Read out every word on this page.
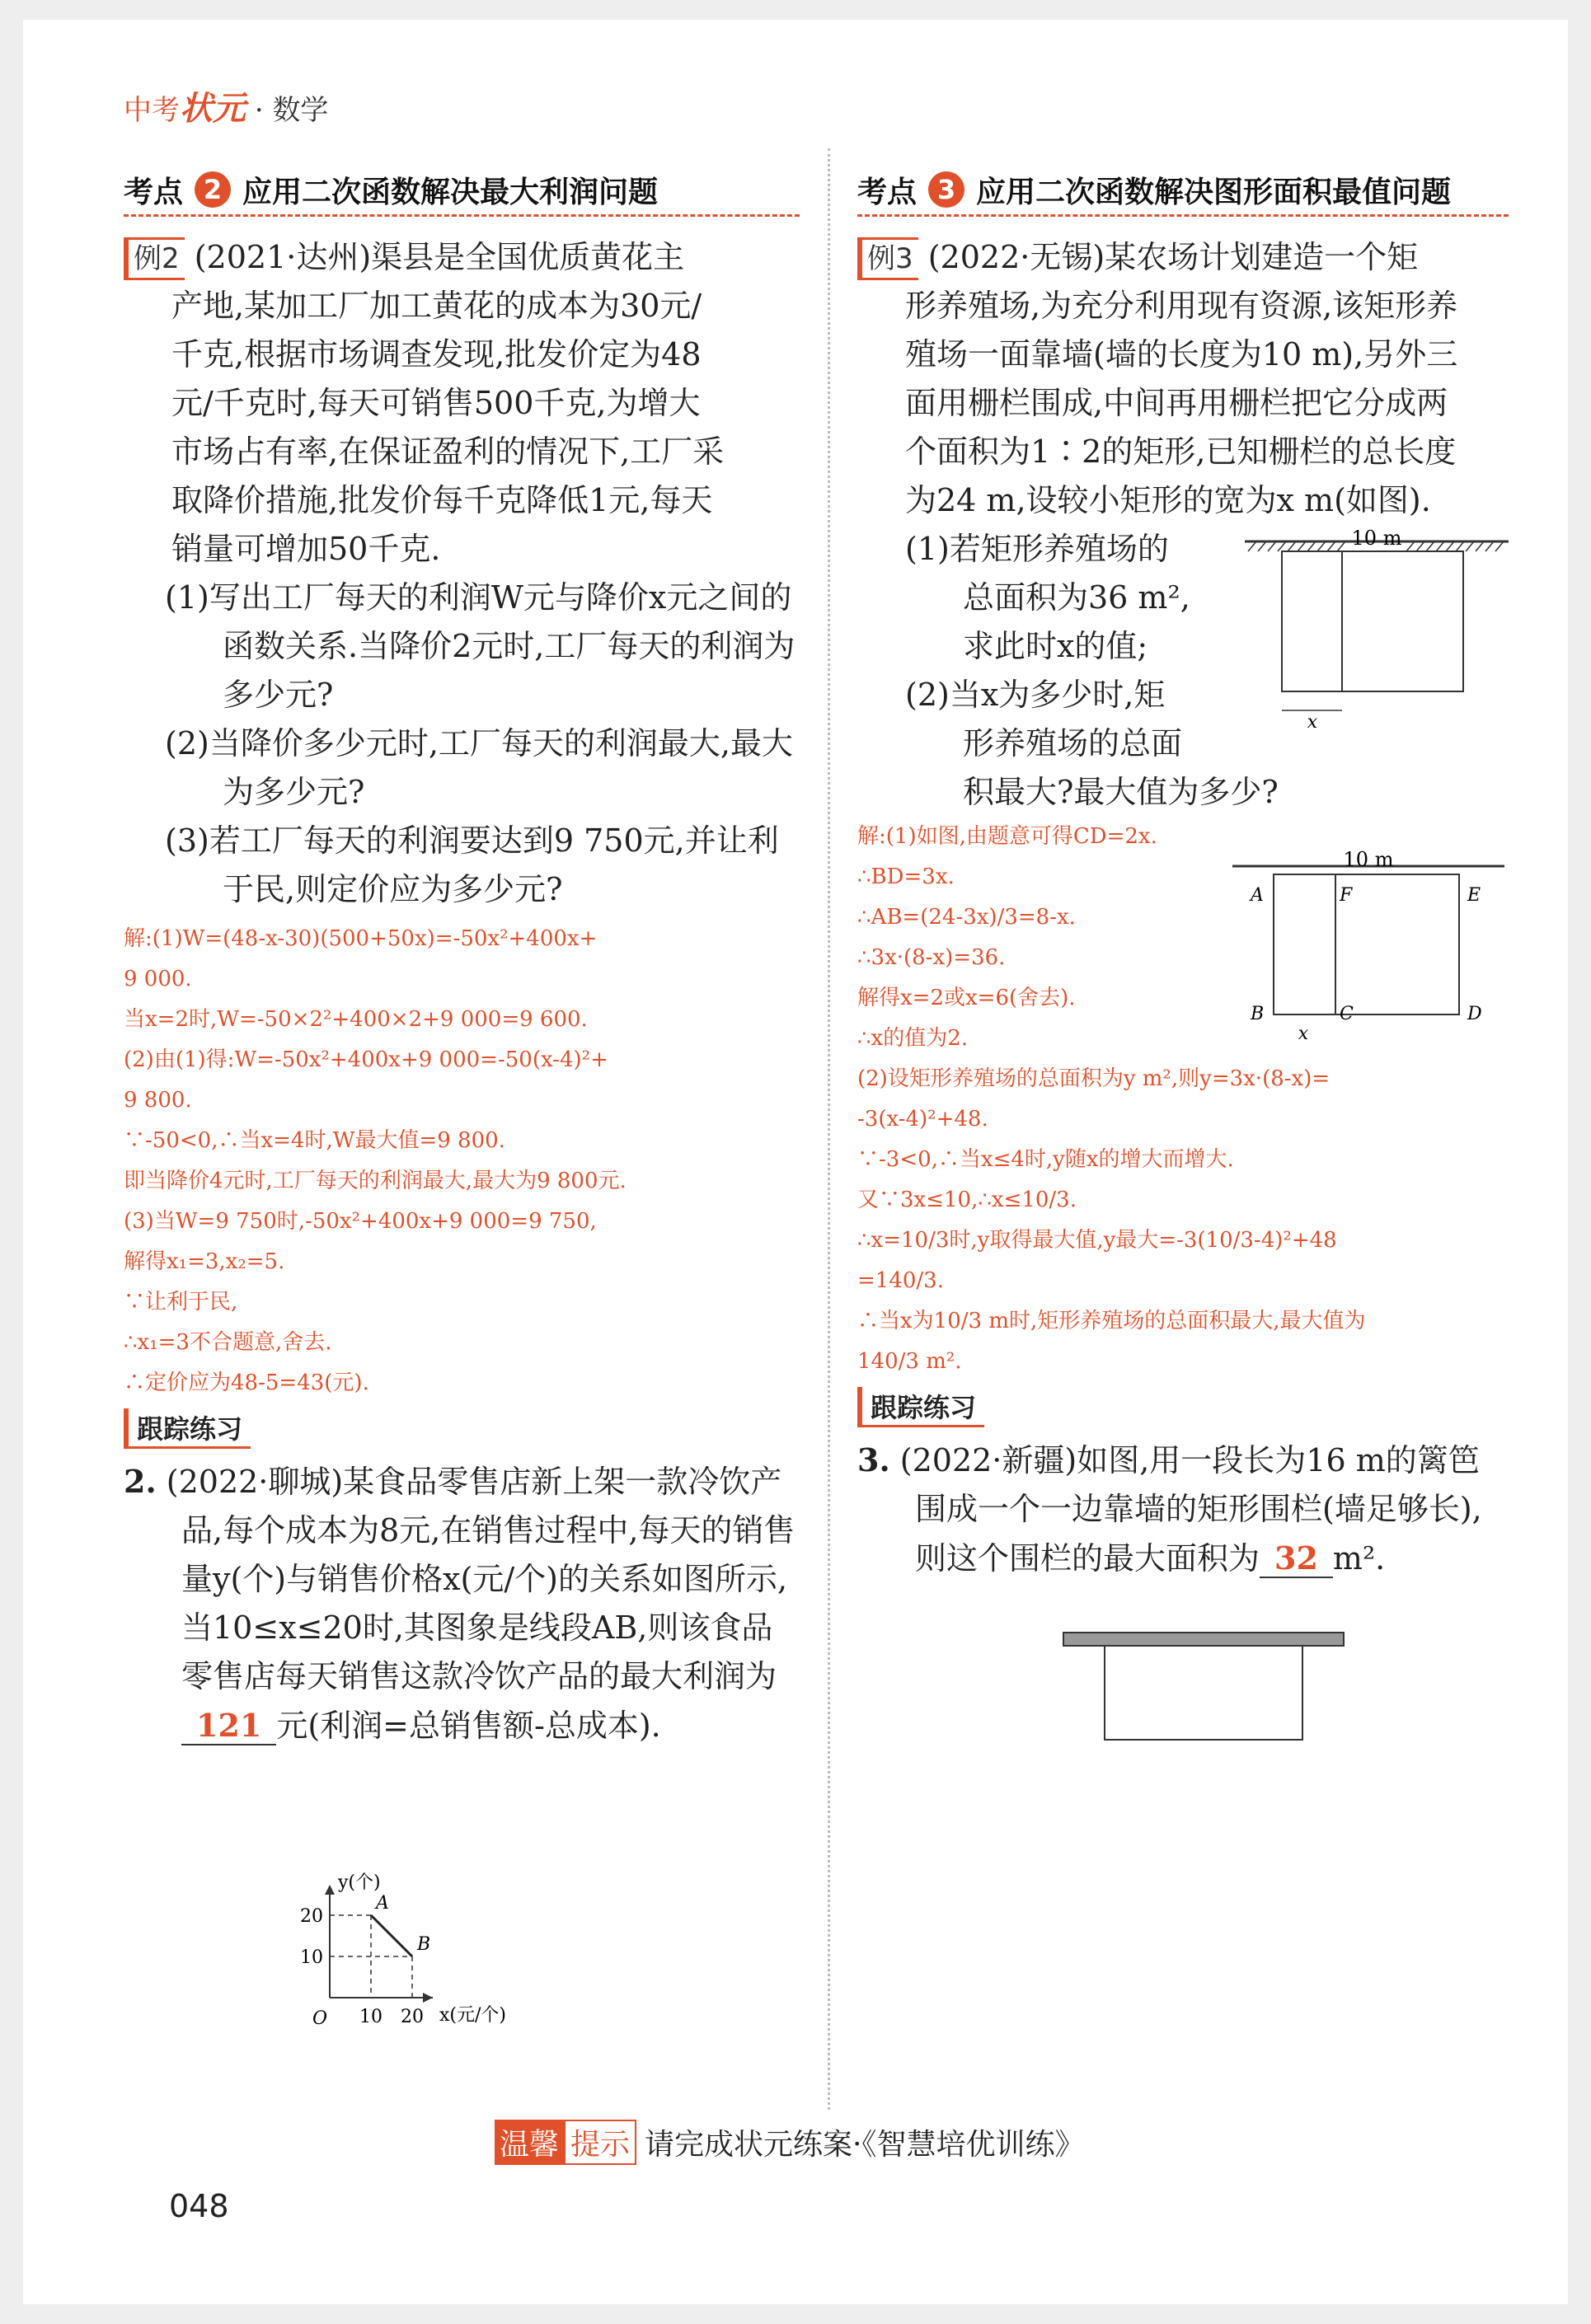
中考状元 · 数学
考点 2 应用二次函数解决最大利润问题

例2 (2021·达州)渠县是全国优质黄花主

产地,某加工厂加工黄花的成本为30元/

千克,根据市场调查发现,批发价定为48

元/千克时,每天可销售500千克,为增大

市场占有率,在保证盈利的情况下,工厂采

取降价措施,批发价每千克降低1元,每天

销量可增加50千克.

(1)写出工厂每天的利润W元与降价x元之间的函数关系.当降价2元时,工厂每天的利润为多少元?

(2)当降价多少元时,工厂每天的利润最大,最大为多少元?

(3)若工厂每天的利润要达到9 750元,并让利于民,则定价应为多少元?

解:(1)W=(48-x-30)(500+50x)=-50x²+400x+

9 000.

当x=2时,W=-50×2²+400×2+9 000=9 600.

(2)由(1)得:W=-50x²+400x+9 000=-50(x-4)²+

9 800.

∵-50<0,∴当x=4时,W最大值=9 800.

即当降价4元时,工厂每天的利润最大,最大为9 800元.

(3)当W=9 750时,-50x²+400x+9 000=9 750,

解得x₁=3,x₂=5.

∵让利于民,

∴x₁=3不合题意,舍去.

∴定价应为48-5=43(元).

跟踪练习

2. (2022·聊城)某食品零售店新上架一款冷饮产品,每个成本为8元,在销售过程中,每天的销售量y(个)与销售价格x(元/个)的关系如图所示,当10≤x≤20时,其图象是线段AB,则该食品零售店每天销售这款冷饮产品的最大利润为121 元(利润=总销售额-总成本).

A
B
10 20
10
20
O	x(元/个)
y(个)
考点 3 应用二次函数解决图形面积最值问题

例3 (2022·无锡)某农场计划建造一个矩

形养殖场,为充分利用现有资源,该矩形养

殖场一面靠墙(墙的长度为10 m),另外三

面用栅栏围成,中间再用栅栏把它分成两

个面积为1∶2的矩形,已知栅栏的总长度

为24 m,设较小矩形的宽为x m(如图).

(1)若矩形养殖场的

总面积为36 m²,

求此时x的值;

(2)当x为多少时,矩

形养殖场的总面

积最大?最大值为多少?

10 m
x
10 m
A	F	E
B	C	D
x

解:(1)如图,由题意可得CD=2x.

∴BD=3x.

∴AB=(24-3x)/3=8-x.

∴3x·(8-x)=36.

解得x=2或x=6(舍去).

∴x的值为2.

(2)设矩形养殖场的总面积为y m²,则y=3x·(8-x)=

-3(x-4)²+48.

∵-3<0,∴当x≤4时,y随x的增大而增大.

又∵3x≤10,∴x≤10/3.

∴x=10/3时,y取得最大值,y最大=-3(10/3-4)²+48

=140/3.

∴当x为10/3 m时,矩形养殖场的总面积最大,最大值为

140/3 m².

跟踪练习

3. (2022·新疆)如图,用一段长为16 m的篱笆围成一个一边靠墙的矩形围栏(墙足够长),则这个围栏的最大面积为 32 m².

温馨 提示 请完成状元练案·《智慧培优训练》
048
